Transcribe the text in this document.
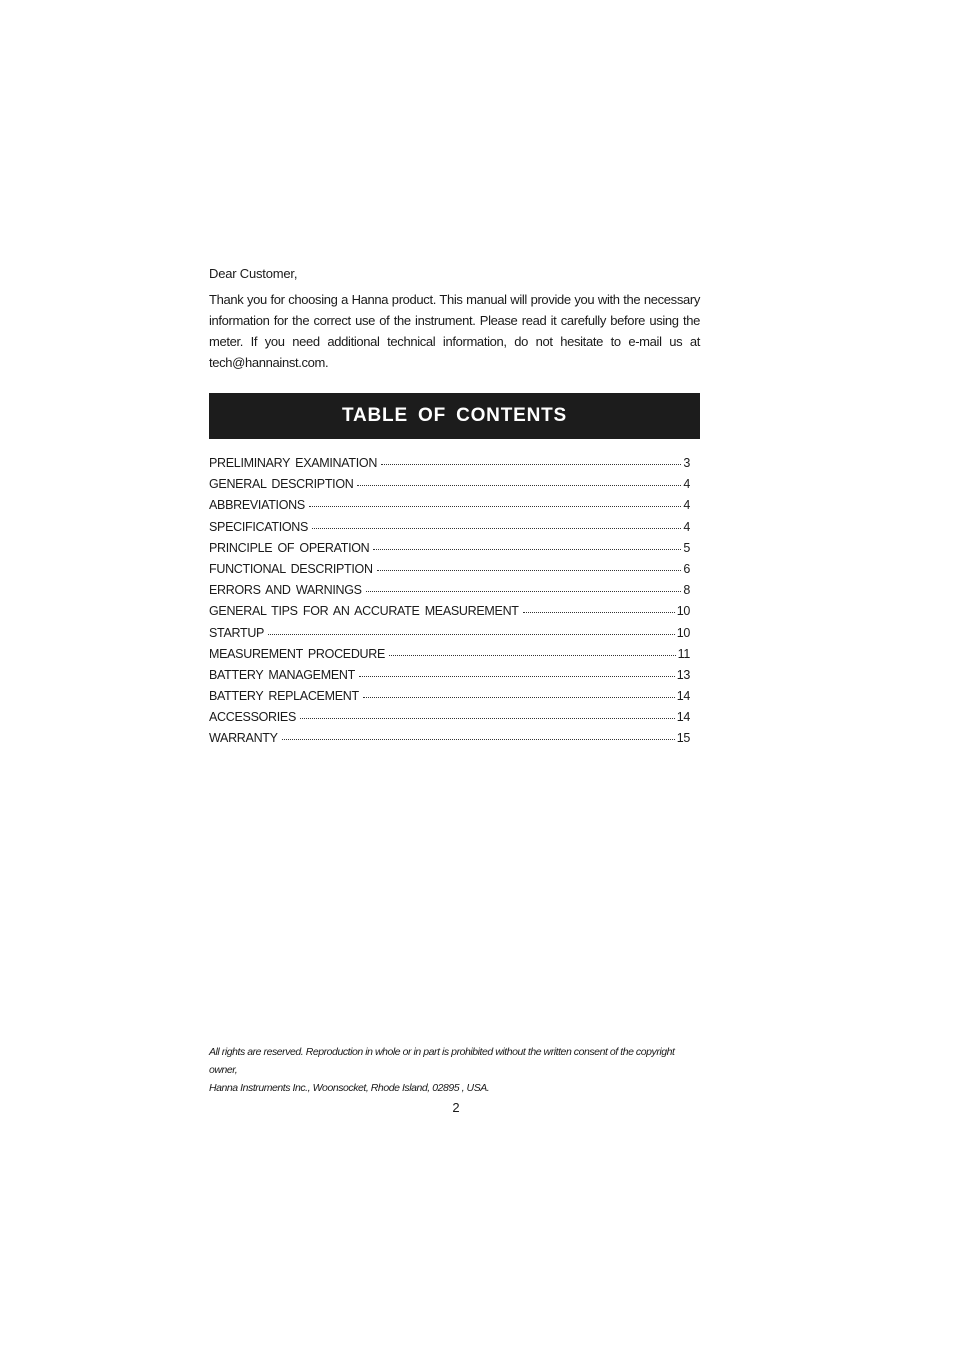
Dear Customer,

Thank you for choosing a Hanna product. This manual will provide you with the necessary information for the correct use of the instrument. Please read it carefully before using the meter. If you need additional technical information, do not hesitate to e-mail us at tech@hannainst.com.

TABLE OF CONTENTS
PRELIMINARY EXAMINATION	3
GENERAL DESCRIPTION	4
ABBREVIATIONS	4
SPECIFICATIONS	4
PRINCIPLE OF OPERATION	5
FUNCTIONAL DESCRIPTION	6
ERRORS AND WARNINGS	8
GENERAL TIPS FOR AN ACCURATE MEASUREMENT	10
STARTUP	10
MEASUREMENT PROCEDURE	11
BATTERY MANAGEMENT	13
BATTERY REPLACEMENT	14
ACCESSORIES	14
WARRANTY	15

All rights are reserved. Reproduction in whole or in part is prohibited without the written consent of the copyright owner,
Hanna Instruments Inc., Woonsocket, Rhode Island, 02895 , USA.

2
